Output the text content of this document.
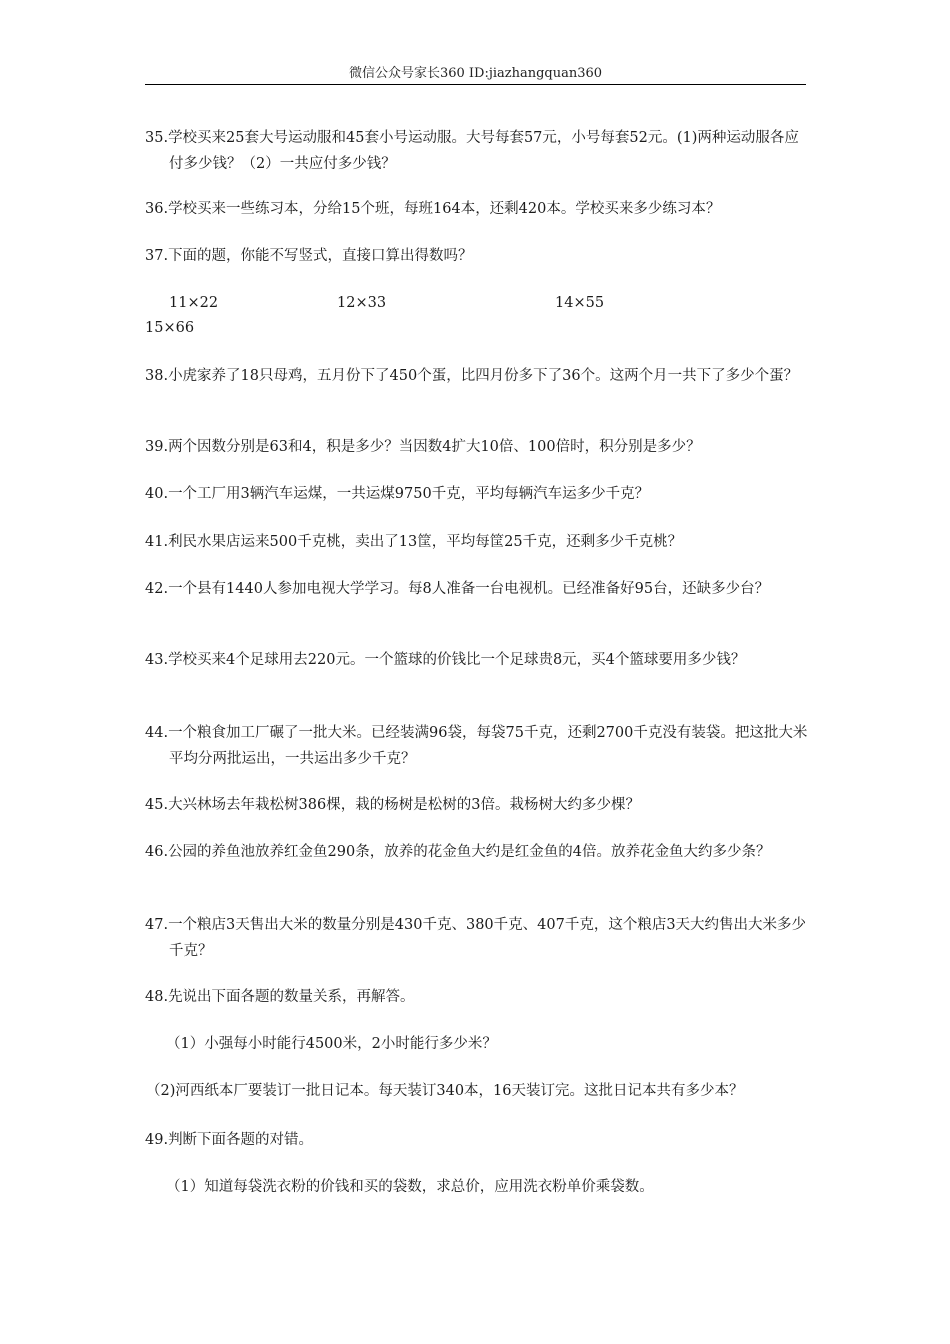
微信公众号家长360 ID:jiazhangquan360
35.学校买来25套大号运动服和45套小号运动服。大号每套57元，小号每套52元。(1)两种运动服各应付多少钱？（2）一共应付多少钱？
36.学校买来一些练习本，分给15个班，每班164本，还剩420本。学校买来多少练习本？
37.下面的题，你能不写竖式，直接口算出得数吗？
11×22	12×33	14×55
15×66
38.小虎家养了18只母鸡，五月份下了450个蛋，比四月份多下了36个。这两个月一共下了多少个蛋？
39.两个因数分别是63和4，积是多少？当因数4扩大10倍、100倍时，积分别是多少？
40.一个工厂用3辆汽车运煤，一共运煤9750千克，平均每辆汽车运多少千克？
41.利民水果店运来500千克桃，卖出了13筐，平均每筐25千克，还剩多少千克桃？
42.一个县有1440人参加电视大学学习。每8人准备一台电视机。已经准备好95台，还缺多少台？
43.学校买来4个足球用去220元。一个篮球的价钱比一个足球贵8元，买4个篮球要用多少钱？
44.一个粮食加工厂碾了一批大米。已经装满96袋，每袋75千克，还剩2700千克没有装袋。把这批大米平均分两批运出，一共运出多少千克？
45.大兴林场去年栽松树386棵，栽的杨树是松树的3倍。栽杨树大约多少棵？
46.公园的养鱼池放养红金鱼290条，放养的花金鱼大约是红金鱼的4倍。放养花金鱼大约多少条？
47.一个粮店3天售出大米的数量分别是430千克、380千克、407千克，这个粮店3天大约售出大米多少千克？
48.先说出下面各题的数量关系，再解答。
（1）小强每小时能行4500米，2小时能行多少米？
（2)河西纸本厂要装订一批日记本。每天装订340本，16天装订完。这批日记本共有多少本？
49.判断下面各题的对错。
（1）知道每袋洗衣粉的价钱和买的袋数，求总价，应用洗衣粉单价乘袋数。
